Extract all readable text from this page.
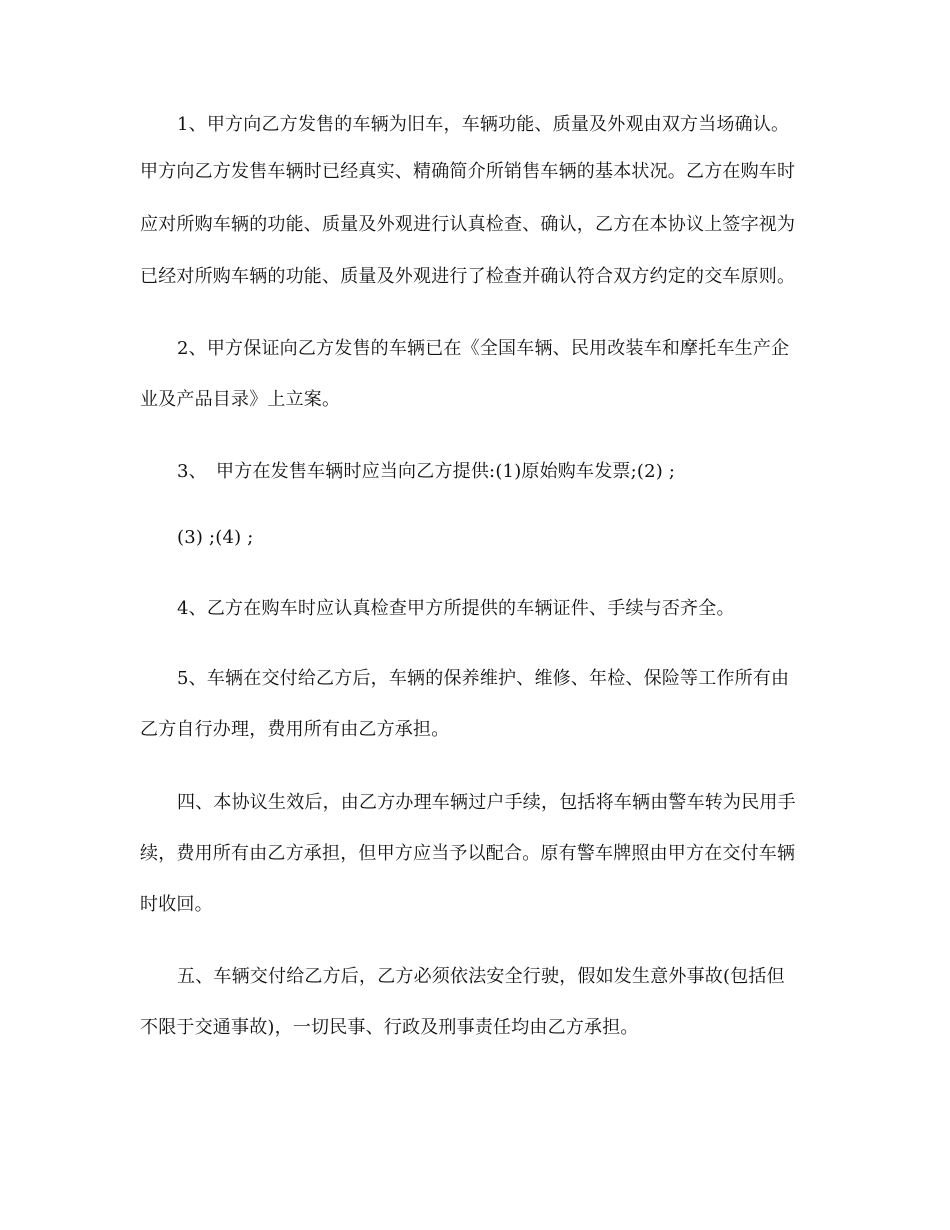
1、甲方向乙方发售的车辆为旧车，车辆功能、质量及外观由双方当场确认。
甲方向乙方发售车辆时已经真实、精确简介所销售车辆的基本状况。乙方在购车时
应对所购车辆的功能、质量及外观进行认真检查、确认，乙方在本协议上签字视为
已经对所购车辆的功能、质量及外观进行了检查并确认符合双方约定的交车原则。
2、甲方保证向乙方发售的车辆已在《全国车辆、民用改装车和摩托车生产企
业及产品目录》上立案。
3、　甲方在发售车辆时应当向乙方提供:(1)原始购车发票;(2) ;
(3) ;(4) ;
4、乙方在购车时应认真检查甲方所提供的车辆证件、手续与否齐全。
5、车辆在交付给乙方后，车辆的保养维护、维修、年检、保险等工作所有由
乙方自行办理，费用所有由乙方承担。
四、本协议生效后，由乙方办理车辆过户手续，包括将车辆由警车转为民用手
续，费用所有由乙方承担，但甲方应当予以配合。原有警车牌照由甲方在交付车辆
时收回。
五、车辆交付给乙方后，乙方必须依法安全行驶，假如发生意外事故(包括但
不限于交通事故)，一切民事、行政及刑事责任均由乙方承担。
